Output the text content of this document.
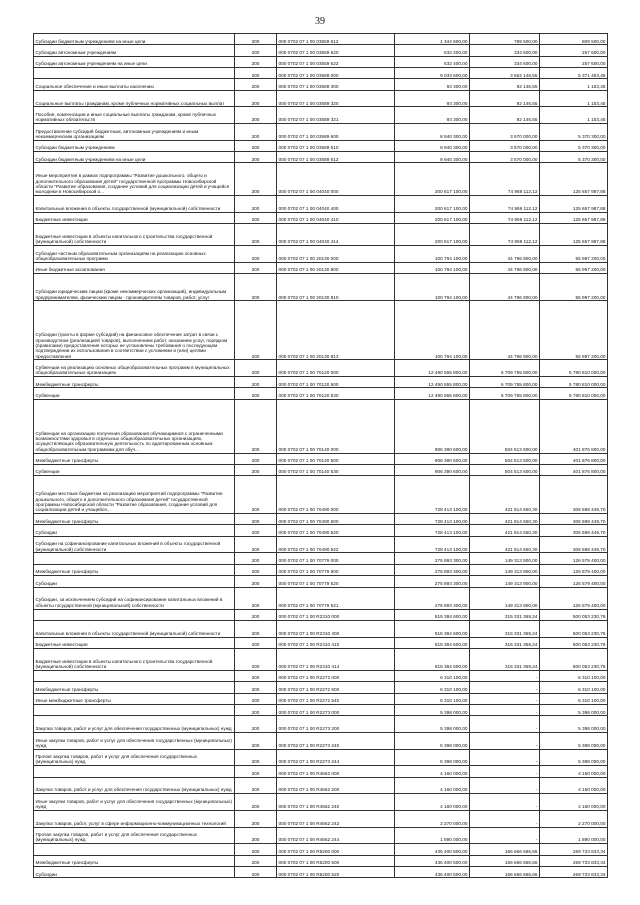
39
Субсидии бюджетным учреждениям на иные цели	200	000 0702 07 1 00 03559 612	1 344 600,00	789 500,00	809 500,00
Субсидии автономным учреждениям	200	000 0702 07 1 00 03559 620	632 400,00	334 600,00	257 600,00
Субсидии автономным учреждениям на иные цели	200	000 0702 07 1 00 03559 622	632 400,00	334 600,00	257 600,00
	200	000 0702 07 1 00 03589 000	9 033 600,00	3 662 148,55	5 371 453,45
Социальное обеспечение и иные выплаты населению	200	000 0702 07 1 00 03589 300	93 300,00	92 146,55	1 153,45
Социальные выплаты гражданам, кроме публичных нормативных социальных выплат	200	000 0702 07 1 00 03589 320	93 300,00	92 146,55	1 153,45
Пособия, компенсации и иные социальные выплаты гражданам, кроме публичных нормативных обязательств	200	000 0702 07 1 00 03589 321	93 300,00	92 146,55	1 153,45
Предоставление субсидий бюджетным, автономным учреждениям и иным некоммерческим организациям	200	000 0702 07 1 00 03589 600	8 940 300,00	3 570 000,00	5 370 300,00
Субсидии бюджетным учреждениям	200	000 0702 07 1 00 03589 610	8 940 300,00	3 570 000,00	5 370 300,00
Субсидии бюджетным учреждениям на иные цели	200	000 0702 07 1 00 03589 612	8 940 300,00	3 570 000,00	5 370 300,00
Иные мероприятия в рамках подпрограммы "Развитие дошкольного, общего и дополнительного образования детей" государственной программы Новосибирской области "Развитие образования, создание условий для социализации детей и учащейся молодежи в Новосибирской о...	200	000 0702 07 1 00 04040 000	200 617 100,00	74 959 112,12	125 657 987,88
Капитальные вложения в объекты государственной (муниципальной) собственности	200	000 0702 07 1 00 04040 400	200 617 100,00	74 959 112,12	125 657 987,88
Бюджетные инвестиции	200	000 0702 07 1 00 04040 410	200 617 100,00	74 959 112,12	125 657 987,88
Бюджетные инвестиции в объекты капитального строительства государственной (муниципальной) собственности	200	000 0702 07 1 00 04040 414	200 617 100,00	74 959 112,12	125 657 987,88
Субсидии частным образовательным организациям на реализацию основных общеобразовательных программ	200	000 0702 07 1 00 20130 000	100 794 100,00	44 796 900,00	55 997 200,00
Иные бюджетные ассигнования	200	000 0702 07 1 00 20130 800	100 794 100,00	44 796 900,00	55 997 200,00
Субсидии юридическим лицам (кроме некоммерческих организаций), индивидуальным предпринимателям, физическим лицам - производителям товаров, работ, услуг	200	000 0702 07 1 00 20130 810	100 794 100,00	44 796 900,00	55 997 200,00
Субсидии (гранты в форме субсидий) на финансовое обеспечение затрат в связи с производством (реализацией товаров), выполнением работ, оказанием услуг, порядком (правилами) предоставления которых не установлены требования о последующем подтверждении их использования в соответствии с условиями и (или) целями предоставления	200	000 0702 07 1 00 20130 813	100 794 100,00	44 796 900,00	55 997 200,00
Субвенции на реализацию основных общеобразовательных программ в муниципальных общеобразовательных организациях	200	000 0702 07 1 00 70120 000	12 490 555 800,00	6 709 755 800,00	5 780 810 000,00
Межбюджетные трансферты	200	000 0702 07 1 00 70120 500	12 490 555 800,00	6 709 755 800,00	5 780 810 000,00
Субвенции	200	000 0702 07 1 00 70120 530	12 490 555 800,00	6 709 755 800,00	5 780 810 000,00
Субвенции на организацию получения образования обучающимися с ограниченными возможностями здоровья в отдельных общеобразовательных организациях, осуществляющих образовательную деятельность по адаптированным основным общеобразовательным программам для обуч...	200	000 0702 07 1 00 70140 000	906 390 600,00	504 513 600,00	401 876 800,00
Межбюджетные трансферты	200	000 0702 07 1 00 70140 500	906 390 600,00	504 513 600,00	401 876 800,00
Субвенции	200	000 0702 07 1 00 70140 530	906 390 600,00	504 513 600,00	401 876 800,00
Субсидии местным бюджетам на реализацию мероприятий подпрограммы "Развитие дошкольного, общего и дополнительного образования детей" государственной программы Новосибирской области "Развитие образования, создание условий для социализации детей и учащейся...	200	000 0702 07 1 00 70490 000	728 413 100,00	421 814 650,30	306 598 449,70
Межбюджетные трансферты	200	000 0702 07 1 00 70490 500	728 413 100,00	421 814 650,30	306 598 449,70
Субсидии	200	000 0702 07 1 00 70490 520	728 413 100,00	421 814 650,30	306 598 449,70
Субсидии на софинансирование капитальных вложений в объекты государственной (муниципальной) собственности	200	000 0702 07 1 00 70490 522	728 413 100,00	421 814 650,30	306 598 449,70
	200	000 0702 07 1 00 70779 000	275 893 300,00	149 313 900,00	126 579 400,00
Межбюджетные трансферты	200	000 0702 07 1 00 70779 500	275 893 300,00	149 313 900,00	126 579 400,00
Субсидии	200	000 0702 07 1 00 70779 520	275 893 300,00	149 313 900,00	126 579 400,00
Субсидии, за исключением субсидий на софинансирование капитальных вложений в объекты государственной (муниципальной) собственности	200	000 0702 07 1 00 70779 521	275 893 300,00	149 313 900,00	126 579 400,00
	200	000 0702 07 1 00 R2310 000	815 384 600,00	315 331 369,24	500 053 230,76
Капитальные вложения в объекты государственной (муниципальной) собственности	200	000 0702 07 1 00 R2310 400	815 384 600,00	315 331 369,24	500 053 230,76
Бюджетные инвестиции	200	000 0702 07 1 00 R2310 410	815 384 600,00	315 331 369,24	500 053 230,76
Бюджетные инвестиции в объекты капитального строительства государственной (муниципальной) собственности	200	000 0702 07 1 00 R2310 414	815 384 600,00	315 331 369,24	500 053 230,76
	200	000 0702 07 1 00 R2272 000	6 310 100,00	-	6 310 100,00
Межбюджетные трансферты	200	000 0702 07 1 00 R2272 500	6 310 100,00	-	6 310 100,00
Иные межбюджетные трансферты	200	000 0702 07 1 00 R2272 540	6 310 100,00	-	6 310 100,00
	200	000 0702 07 1 00 R2273 000	5 398 000,00	-	5 398 000,00
Закупка товаров, работ и услуг для обеспечения государственных (муниципальных) нужд	200	000 0702 07 1 00 R2273 200	5 398 000,00	-	5 398 000,00
Иные закупки товаров, работ и услуг для обеспечения государственных (муниципальных) нужд	200	000 0702 07 1 00 R2273 240	5 398 000,00	-	5 398 000,00
Прочая закупка товаров, работ и услуг для обеспечения государственных (муниципальных) нужд	200	000 0702 07 1 00 R2273 244	5 398 000,00	-	5 398 000,00
	200	000 0702 07 1 00 R4662 000	4 160 000,00	-	4 160 000,00
Закупка товаров, работ и услуг для обеспечения государственных (муниципальных) нужд	200	000 0702 07 1 00 R4662 200	4 160 000,00	-	4 160 000,00
Иные закупки товаров, работ и услуг для обеспечения государственных (муниципальных) нужд	200	000 0702 07 1 00 R4662 240	4 160 000,00	-	4 160 000,00
Закупка товаров, работ, услуг в сфере информационно-коммуникационных технологий	200	000 0702 07 1 00 R4662 242	2 270 000,00	-	2 270 000,00
Прочая закупка товаров, работ и услуг для обеспечения государственных (муниципальных) нужд	200	000 0702 07 1 00 R4662 244	1 890 000,00	-	1 890 000,00
	200	000 0702 07 1 00 R5200 000	436 400 500,00	166 666 666,66	269 733 833,34
Межбюджетные трансферты	200	000 0702 07 1 00 R5200 500	436 400 500,00	166 666 666,66	269 733 833,34
Субсидии	200	000 0702 07 1 00 R5200 520	436 400 500,00	166 666 666,66	269 733 833,34
